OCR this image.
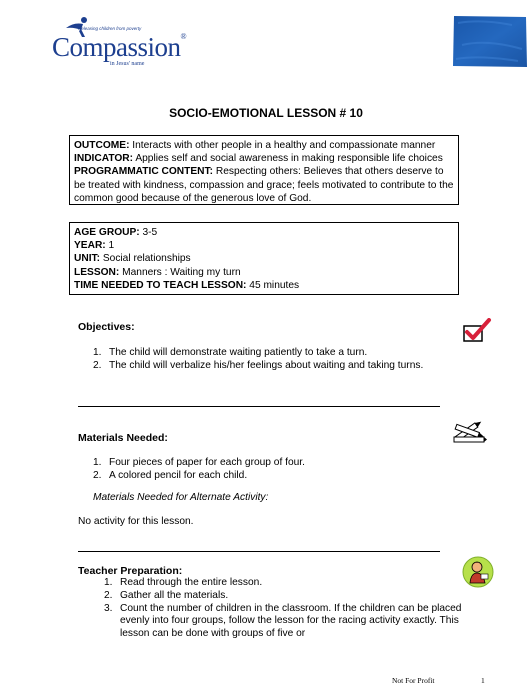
Releasing children from poverty
Compassion®
in Jesus' name
SOCIO-EMOTIONAL LESSON # 10
OUTCOME: Interacts with other people in a healthy and compassionate manner
INDICATOR: Applies self and social awareness in making responsible life choices
PROGRAMMATIC CONTENT: Respecting others: Believes that others deserve to be treated with kindness, compassion and grace; feels motivated to contribute to the common good because of the generous love of God.
AGE GROUP: 3-5
YEAR: 1
UNIT: Social relationships
LESSON: Manners : Waiting my turn
TIME NEEDED TO TEACH LESSON: 45 minutes
Objectives:
1. The child will demonstrate waiting patiently to take a turn.
2. The child will verbalize his/her feelings about waiting and taking turns.
Materials Needed:
1. Four pieces of paper for each group of four.
2. A colored pencil for each child.
Materials Needed for Alternate Activity:
No activity for this lesson.
Teacher Preparation:
1. Read through the entire lesson.
2. Gather all the materials.
3. Count the number of children in the classroom. If the children can be placed evenly into four groups, follow the lesson for the racing activity exactly. This lesson can be done with groups of five or
Not For Profit	1
